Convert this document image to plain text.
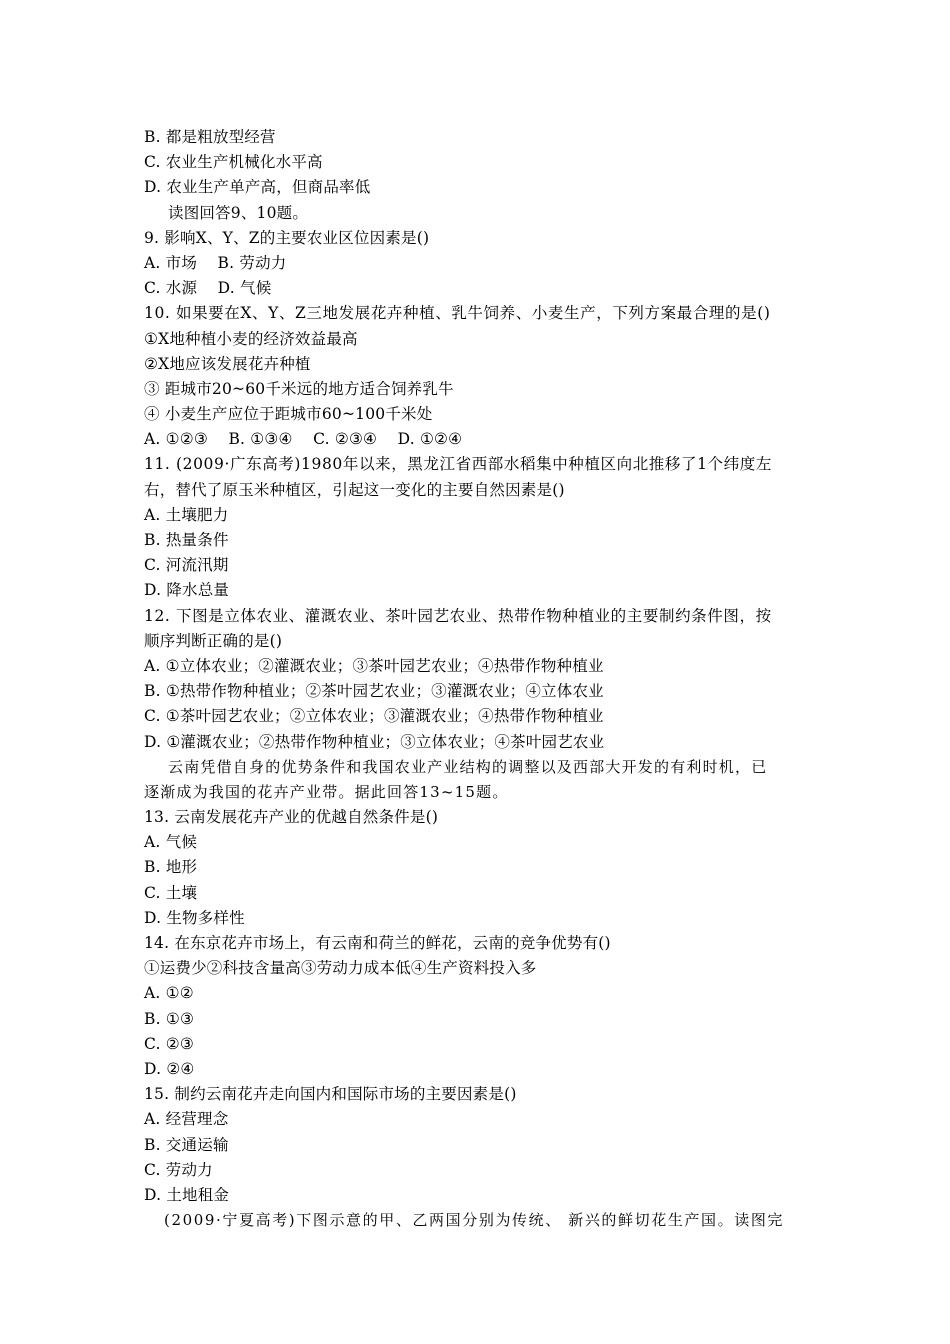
B. 都是粗放型经营
C. 农业生产机械化水平高
D. 农业生产单产高，但商品率低
读图回答9、10题。
9. 影响X、Y、Z的主要农业区位因素是()
A. 市场    B. 劳动力
C. 水源    D. 气候
10. 如果要在X、Y、Z三地发展花卉种植、乳牛饲养、小麦生产，下列方案最合理的是()
①X地种植小麦的经济效益最高
②X地应该发展花卉种植
③ 距城市20~60千米远的地方适合饲养乳牛
④ 小麦生产应位于距城市60~100千米处
A. ①②③    B. ①③④    C. ②③④    D. ①②④
11. (2009·广东高考)1980年以来，黑龙江省西部水稻集中种植区向北推移了1个纬度左
右，替代了原玉米种植区，引起这一变化的主要自然因素是()
A. 土壤肥力
B. 热量条件
C. 河流汛期
D. 降水总量
12. 下图是立体农业、灌溉农业、茶叶园艺农业、热带作物种植业的主要制约条件图，按
顺序判断正确的是()
A. ①立体农业；②灌溉农业；③茶叶园艺农业；④热带作物种植业
B. ①热带作物种植业；②茶叶园艺农业；③灌溉农业；④立体农业
C. ①茶叶园艺农业；②立体农业；③灌溉农业；④热带作物种植业
D. ①灌溉农业；②热带作物种植业；③立体农业；④茶叶园艺农业
云南凭借自身的优势条件和我国农业产业结构的调整以及西部大开发的有利时机，已
逐渐成为我国的花卉产业带。据此回答13~15题。
13. 云南发展花卉产业的优越自然条件是()
A. 气候
B. 地形
C. 土壤
D. 生物多样性
14. 在东京花卉市场上，有云南和荷兰的鲜花，云南的竞争优势有()
①运费少②科技含量高③劳动力成本低④生产资料投入多
A. ①②
B. ①③
C. ②③
D. ②④
15. 制约云南花卉走向国内和国际市场的主要因素是()
A. 经营理念
B. 交通运输
C. 劳动力
D. 土地租金
(2009·宁夏高考)下图示意的甲、乙两国分别为传统、 新兴的鲜切花生产国。读图完
